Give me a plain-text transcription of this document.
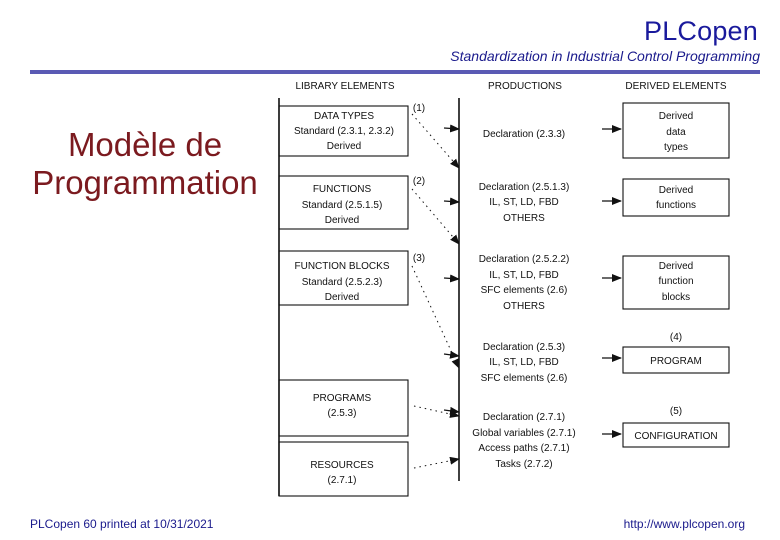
PLCopen
Standardization in Industrial Control Programming
Modèle de
Programmation
LIBRARY ELEMENTS	PRODUCTIONS	DERIVED ELEMENTS
DATA TYPES
Standard (2.3.1, 2.3.2)
Derived
FUNCTIONS
Standard (2.5.1.5)
Derived
FUNCTION BLOCKS
Standard (2.5.2.3)
Derived
PROGRAMS
(2.5.3)
RESOURCES
(2.7.1)
Declaration (2.3.3)
Declaration (2.5.1.3)
IL, ST, LD, FBD
OTHERS
Declaration (2.5.2.2)
IL, ST, LD, FBD
SFC elements (2.6)
OTHERS
Declaration (2.5.3)
IL, ST, LD, FBD
SFC elements (2.6)
Declaration (2.7.1)
Global variables (2.7.1)
Access paths (2.7.1)
Tasks (2.7.2)
Derived
data
types
Derived
functions
Derived
function
blocks
PROGRAM
CONFIGURATION
(1)
(2)
(3)
(4)
(5)
PLCopen 60 printed at 10/31/2021	http://www.plcopen.org
